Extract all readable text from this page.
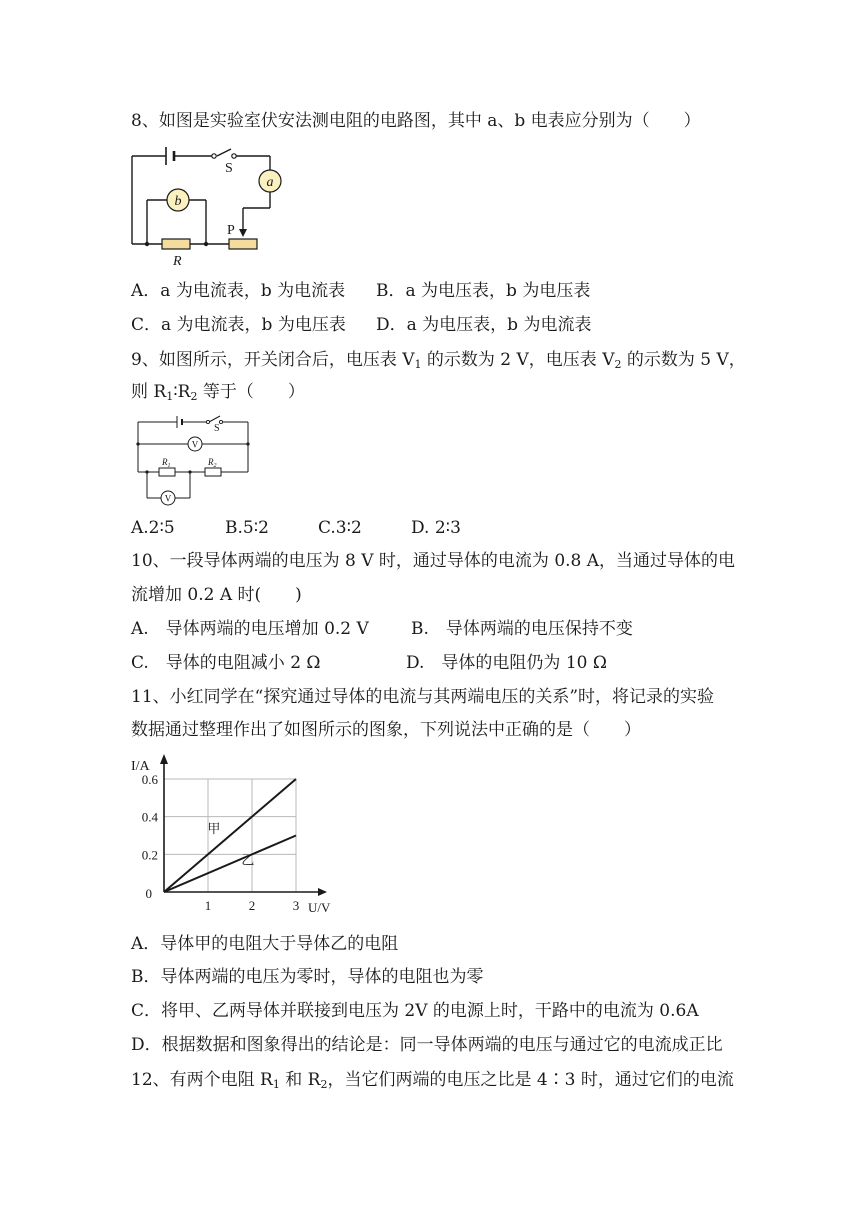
8、如图是实验室伏安法测电阻的电路图，其中 a、b 电表应分别为（　　）
S
a
b
P
R
A．a 为电流表，b 为电流表 B．a 为电压表，b 为电压表
C．a 为电流表，b 为电压表 D．a 为电压表，b 为电流表
9、如图所示，开关闭合后，电压表 $V_1$ 的示数为 2 V，电压表 $V_2$ 的示数为 5 V，
则 $R_1∶R_2$ 等于（　　）
S
V
V
$R_1$	$R_2$
A.2∶5	B.5∶2	C.3∶2	D. 2∶3
10、一段导体两端的电压为 8 V 时，通过导体的电流为 0.8 A，当通过导体的电
流增加 0.2 A 时(　　)
A.　导体两端的电压增加 0.2 V B.　导体两端的电压保持不变
C.　导体的电阻减小 2 Ω	D.　导体的电阻仍为 10 Ω
11、小红同学在“探究通过导体的电流与其两端电压的关系”时，将记录的实验
数据通过整理作出了如图所示的图象，下列说法中正确的是（　　）
甲
乙
1	2	3
0.2
0.4
0.6
I/A
U/V
0
A．导体甲的电阻大于导体乙的电阻
B．导体两端的电压为零时，导体的电阻也为零
C．将甲、乙两导体并联接到电压为 2V 的电源上时，干路中的电流为 0.6A
D．根据数据和图象得出的结论是：同一导体两端的电压与通过它的电流成正比
12、有两个电阻 $R_1$ 和 $R_2$，当它们两端的电压之比是 4∶3 时，通过它们的电流
